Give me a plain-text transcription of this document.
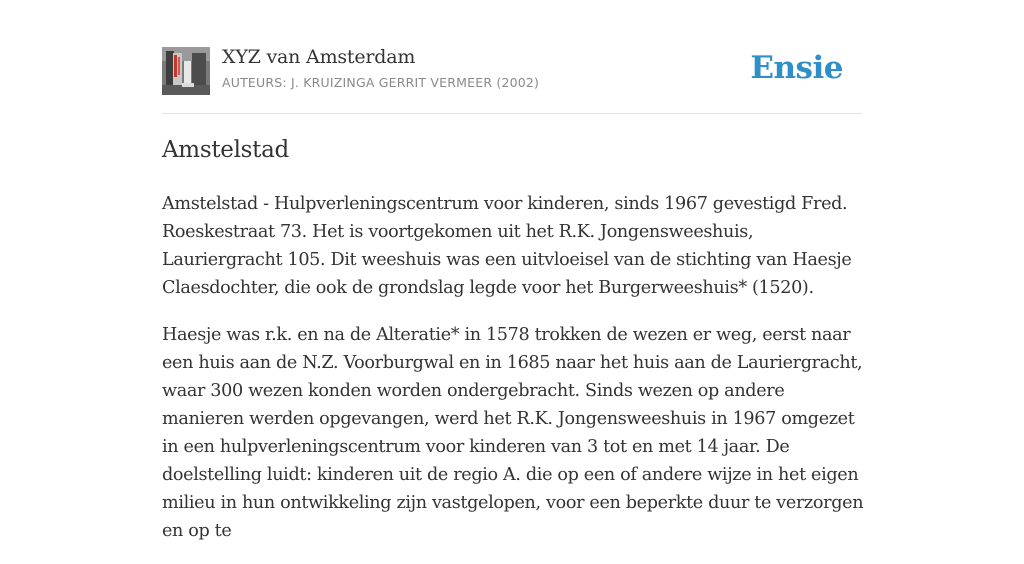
XYZ van Amsterdam
AUTEURS: J. KRUIZINGA GERRIT VERMEER (2002)	Ensie
Amstelstad

Amstelstad - Hulpverleningscentrum voor kinderen, sinds 1967 gevestigd Fred. Roeskestraat 73. Het is voortgekomen uit het R.K. Jongensweeshuis, Lauriergracht 105. Dit weeshuis was een uitvloeisel van de stichting van Haesje Claesdochter, die ook de grondslag legde voor het Burgerweeshuis* (1520).

Haesje was r.k. en na de Alteratie* in 1578 trokken de wezen er weg, eerst naar een huis aan de N.Z. Voorburgwal en in 1685 naar het huis aan de Lauriergracht, waar 300 wezen konden worden ondergebracht. Sinds wezen op andere manieren werden opgevangen, werd het R.K. Jongensweeshuis in 1967 omgezet in een hulpverleningscentrum voor kinderen van 3 tot en met 14 jaar. De doelstelling luidt: kinderen uit de regio A. die op een of andere wijze in het eigen milieu in hun ontwikkeling zijn vastgelopen, voor een beperkte duur te verzorgen en op te
